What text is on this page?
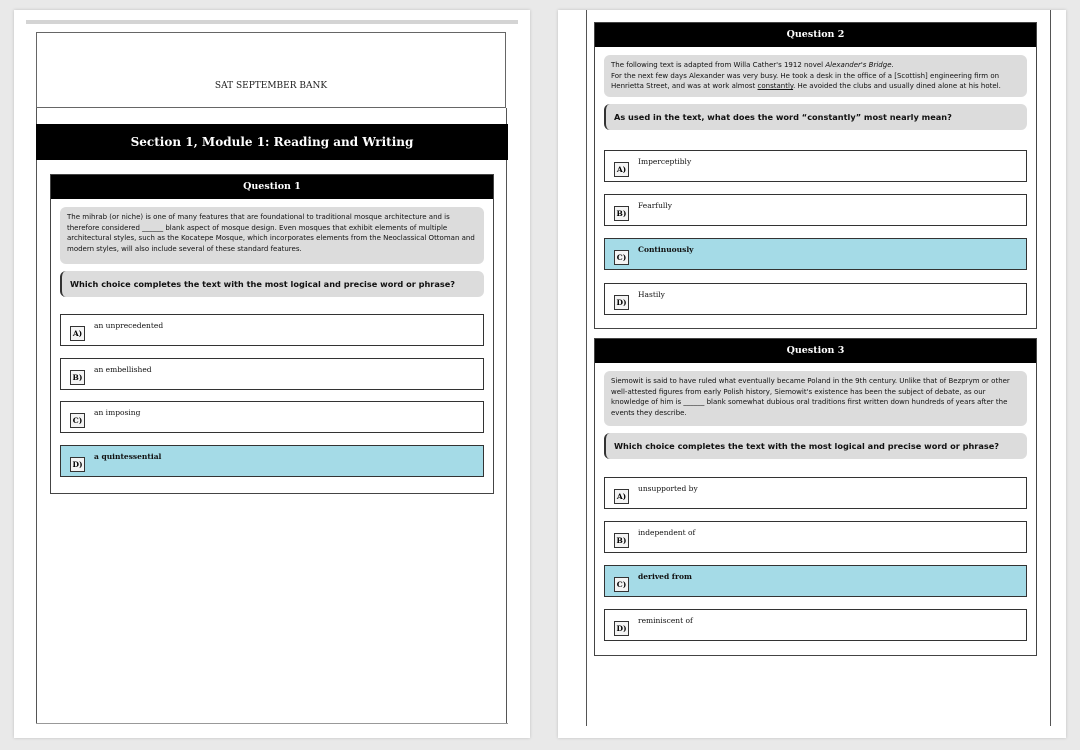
SAT SEPTEMBER BANK
Section 1, Module 1: Reading and Writing
Question 1
The mihrab (or niche) is one of many features that are foundational to traditional mosque architecture and is therefore considered ______ blank aspect of mosque design. Even mosques that exhibit elements of multiple architectural styles, such as the Kocatepe Mosque, which incorporates elements from the Neoclassical Ottoman and modern styles, will also include several of these standard features.
Which choice completes the text with the most logical and precise word or phrase?
A)
an unprecedented
B)
an embellished
C)
an imposing
D)
a quintessential
Question 2
The following text is adapted from Willa Cather's 1912 novel Alexander's Bridge.
For the next few days Alexander was very busy. He took a desk in the office of a [Scottish] engineering firm on Henrietta Street, and was at work almost constantly. He avoided the clubs and usually dined alone at his hotel.
As used in the text, what does the word “constantly” most nearly mean?
A)
Imperceptibly
B)
Fearfully
C)
Continuously
D)
Hastily
Question 3
Siemowit is said to have ruled what eventually became Poland in the 9th century. Unlike that of Bezprym or other well-attested figures from early Polish history, Siemowit's existence has been the subject of debate, as our knowledge of him is ______ blank somewhat dubious oral traditions first written down hundreds of years after the events they describe.
Which choice completes the text with the most logical and precise word or phrase?
A)
unsupported by
B)
independent of
C)
derived from
D)
reminiscent of
